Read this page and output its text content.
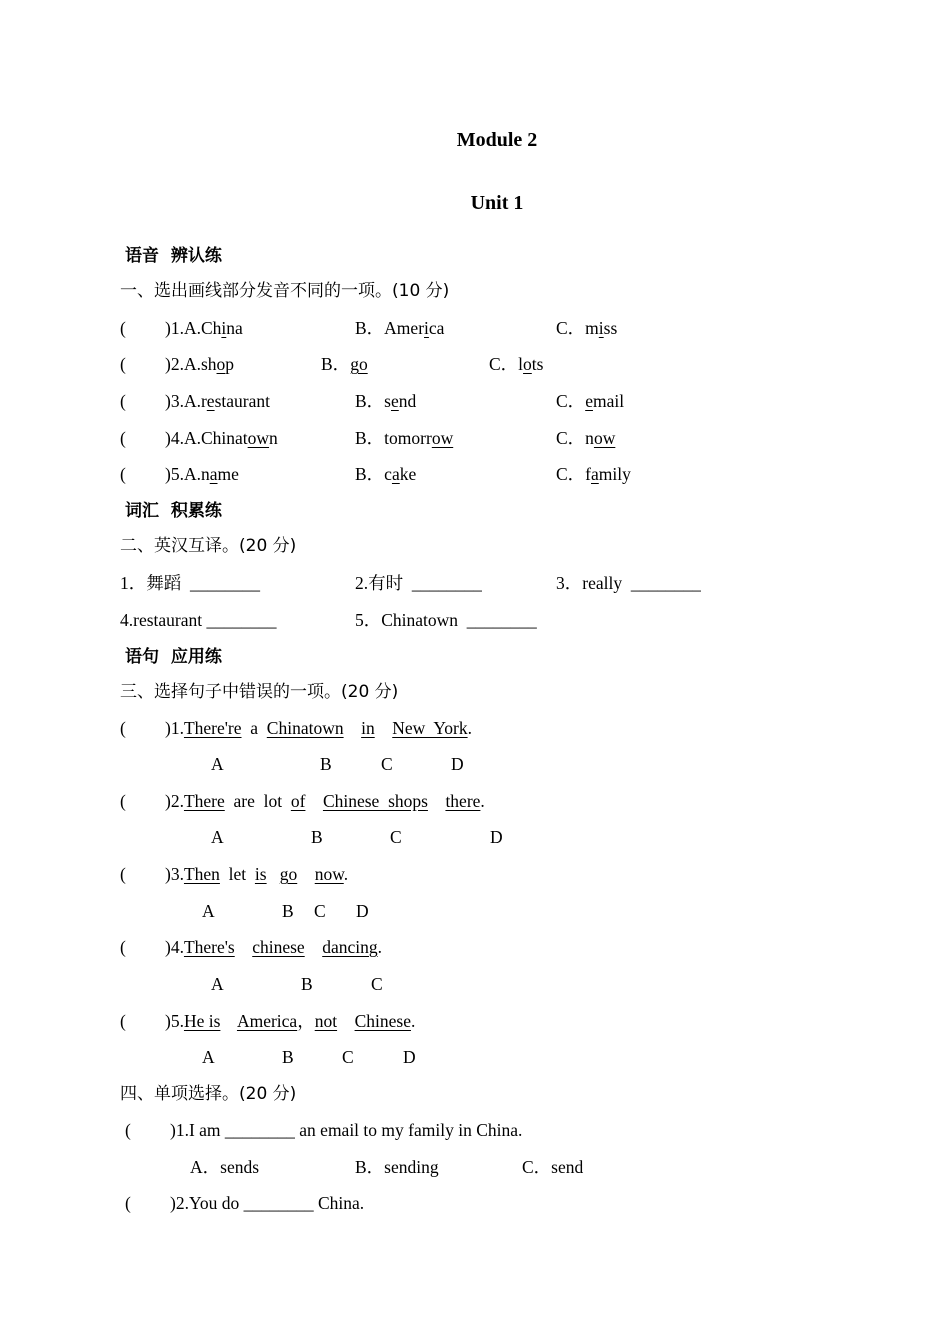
Module 2
Unit 1
语音  辨认练
一、选出画线部分发音不同的一项。(10 分)
( )1.A.China	B．America	C．miss
( )2.A.shop	B．go	C．lots
( )3.A.restaurant	B．send	C．email
( )4.A.Chinatown	B．tomorrow	C．now
( )5.A.name	B．cake	C．family
词汇  积累练
二、英汉互译。(20 分)
1．舞蹈  ________	2.有时  ________	3．really  ________
4.restaurant ________	5．Chinatown  ________
语句  应用练
三、选择句子中错误的一项。(20 分)
( )1.There're  a  Chinatown in New  York.
A	B	C	D
( )2.There  are  lot  of Chinese  shops there.
A	B	C	D
( )3.Then  let  is go now.
A	B C D
( )4.There's chinese dancing.
A	B	C
( )5.He is America，not Chinese.
A	B	C	D
四、单项选择。(20 分)
( )1.I am ________ an email to my family in China.
A．sends	B．sending	C．send
( )2.You do ________ China.
